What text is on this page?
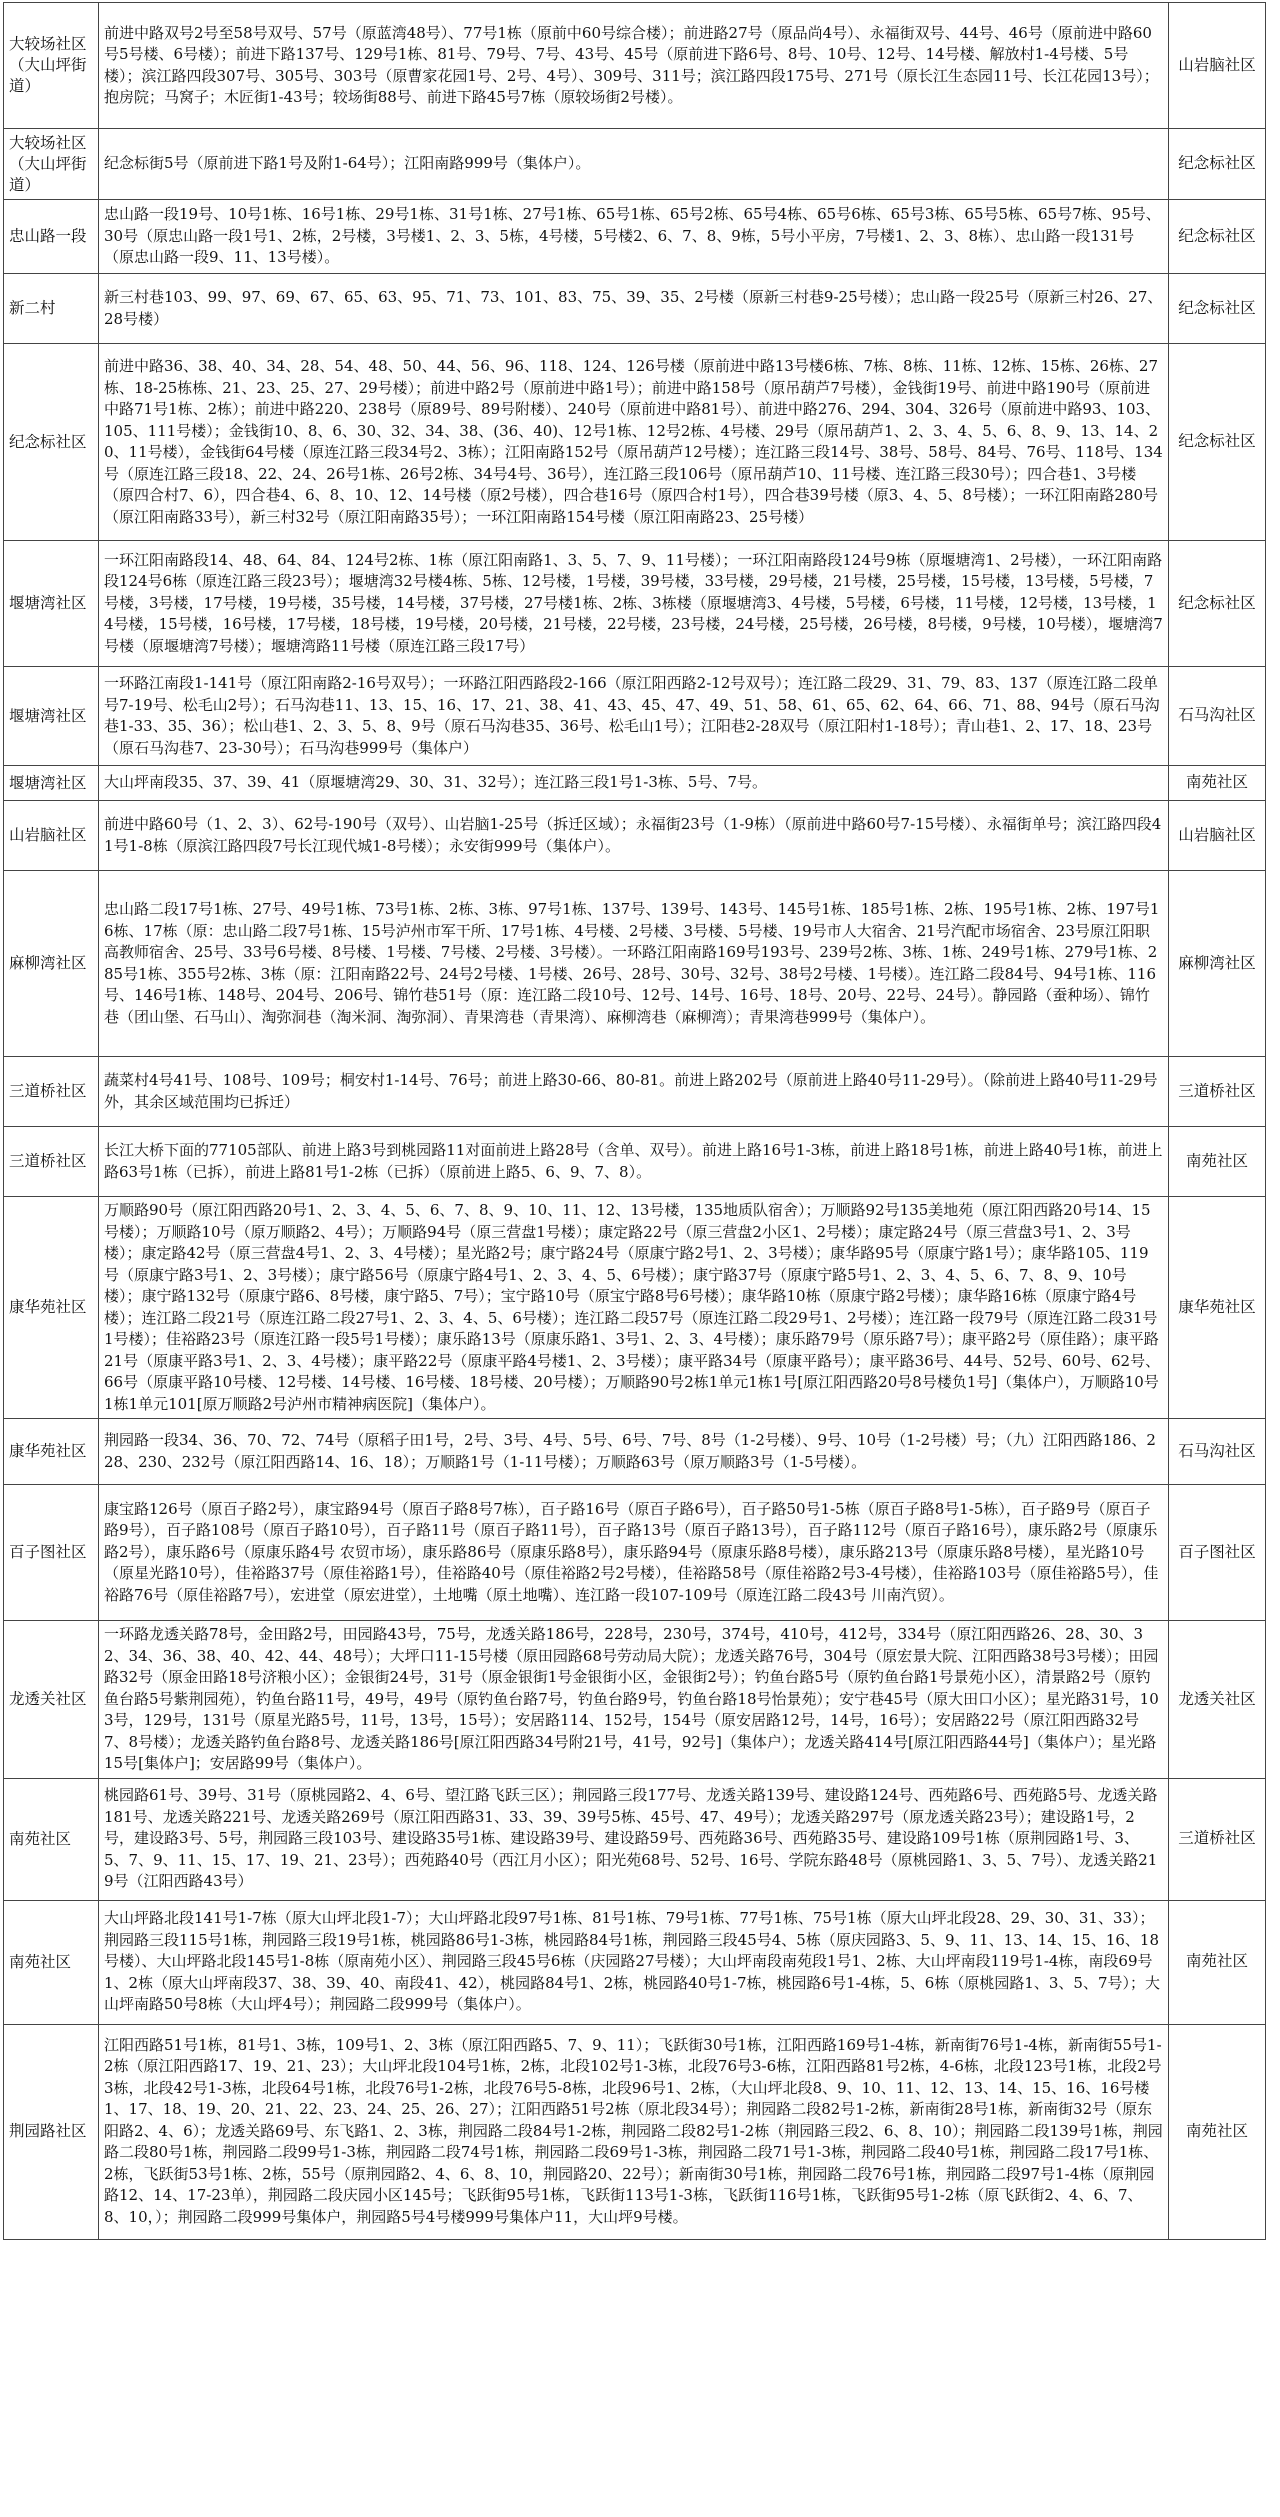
大较场社区（大山坪街道）	前进中路双号2号至58号双号、57号（原蓝湾48号）、77号1栋（原前中60号综合楼）；前进路27号（原品尚4号）、永福街双号、44号、46号（原前进中路60号5号楼、6号楼）；前进下路137号、129号1栋、81号、79号、7号、43号、45号（原前进下路6号、8号、10号、12号、14号楼、解放村1-4号楼、5号楼）；滨江路四段307号、305号、303号（原曹家花园1号、2号、4号）、309号、311号；滨江路四段175号、271号（原长江生态园11号、长江花园13号）；抱房院；马窝子；木匠街1-43号；较场街88号、前进下路45号7栋（原较场街2号楼）。	山岩脑社区
大较场社区（大山坪街道）	纪念标街5号（原前进下路1号及附1-64号）；江阳南路999号（集体户）。	纪念标社区
忠山路一段	忠山路一段19号、10号1栋、16号1栋、29号1栋、31号1栋、27号1栋、65号1栋、65号2栋、65号4栋、65号6栋、65号3栋、65号5栋、65号7栋、95号、30号（原忠山路一段1号1、2栋，2号楼，3号楼1、2、3、5栋，4号楼，5号楼2、6、7、8、9栋，5号小平房，7号楼1、2、3、8栋）、忠山路一段131号（原忠山路一段9、11、13号楼）。	纪念标社区
新二村	新三村巷103、99、97、69、67、65、63、95、71、73、101、83、75、39、35、2号楼（原新三村巷9-25号楼）；忠山路一段25号（原新三村26、27、28号楼）	纪念标社区
纪念标社区	前进中路36、38、40、34、28、54、48、50、44、56、96、118、124、126号楼（原前进中路13号楼6栋、7栋、8栋、11栋、12栋、15栋、26栋、27栋、18-25栋栋、21、23、25、27、29号楼）；前进中路2号（原前进中路1号）；前进中路158号（原吊葫芦7号楼），金钱街19号、前进中路190号（原前进中路71号1栋、2栋）；前进中路220、238号（原89号、89号附楼）、240号（原前进中路81号）、前进中路276、294、304、326号（原前进中路93、103、105、111号楼）；金钱街10、8、6、30、32、34、38、(36、40)、12号1栋、12号2栋、4号楼、29号（原吊葫芦1、2、3、4、5、6、8、9、13、14、20、11号楼），金钱街64号楼（原连江路三段34号2、3栋）；江阳南路152号（原吊葫芦12号楼）；连江路三段14号、38号、58号、84号、76号、118号、134号（原连江路三段18、22、24、26号1栋、26号2栋、34号4号、36号），连江路三段106号（原吊葫芦10、11号楼、连江路三段30号）；四合巷1、3号楼（原四合村7、6），四合巷4、6、8、10、12、14号楼（原2号楼），四合巷16号（原四合村1号），四合巷39号楼（原3、4、5、8号楼）；一环江阳南路280号（原江阳南路33号），新三村32号（原江阳南路35号）；一环江阳南路154号楼（原江阳南路23、25号楼）	纪念标社区
堰塘湾社区	一环江阳南路段14、48、64、84、124号2栋、1栋（原江阳南路1、3、5、7、9、11号楼）；一环江阳南路段124号9栋（原堰塘湾1、2号楼），一环江阳南路段124号6栋（原连江路三段23号）；堰塘湾32号楼4栋、5栋、12号楼，1号楼，39号楼，33号楼，29号楼，21号楼，25号楼，15号楼，13号楼，5号楼，7号楼，3号楼，17号楼，19号楼，35号楼，14号楼，37号楼，27号楼1栋、2栋、3栋楼（原堰塘湾3、4号楼，5号楼，6号楼，11号楼，12号楼，13号楼，14号楼，15号楼，16号楼，17号楼，18号楼，19号楼，20号楼，21号楼，22号楼，23号楼，24号楼，25号楼，26号楼，8号楼，9号楼，10号楼），堰塘湾7号楼（原堰塘湾7号楼）；堰塘湾路11号楼（原连江路三段17号）	纪念标社区
堰塘湾社区	一环路江南段1-141号（原江阳南路2-16号双号）；一环路江阳西路段2-166（原江阳西路2-12号双号）；连江路二段29、31、79、83、137（原连江路二段单号7-19号、松毛山2号）；石马沟巷11、13、15、16、17、21、38、41、43、45、47、49、51、58、61、65、62、64、66、71、88、94号（原石马沟巷1-33、35、36）；松山巷1、2、3、5、8、9号（原石马沟巷35、36号、松毛山1号）；江阳巷2-28双号（原江阳村1-18号）；青山巷1、2、17、18、23号（原石马沟巷7、23-30号）；石马沟巷999号（集体户）	石马沟社区
堰塘湾社区	大山坪南段35、37、39、41（原堰塘湾29、30、31、32号）；连江路三段1号1-3栋、5号、7号。	南苑社区
山岩脑社区	前进中路60号（1、2、3）、62号-190号（双号）、山岩脑1-25号（拆迁区域）；永福街23号（1-9栋）（原前进中路60号7-15号楼）、永福街单号；滨江路四段41号1-8栋（原滨江路四段7号长江现代城1-8号楼）；永安街999号（集体户）。	山岩脑社区
麻柳湾社区	忠山路二段17号1栋、27号、49号1栋、73号1栋、2栋、3栋、97号1栋、137号、139号、143号、145号1栋、185号1栋、2栋、195号1栋、2栋、197号16栋、17栋（原：忠山路二段7号1栋、15号泸州市军干所、17号1栋、4号楼、2号楼、3号楼、5号楼、19号市人大宿舍、21号汽配市场宿舍、23号原江阳职高教师宿舍、25号、33号6号楼、8号楼、1号楼、7号楼、2号楼、3号楼）。一环路江阳南路169号193号、239号2栋、3栋、1栋、249号1栋、279号1栋、285号1栋、355号2栋、3栋（原：江阳南路22号、24号2号楼、1号楼、26号、28号、30号、32号、38号2号楼、1号楼）。连江路二段84号、94号1栋、116号、146号1栋、148号、204号、206号、锦竹巷51号（原：连江路二段10号、12号、14号、16号、18号、20号、22号、24号）。静园路（蚕种场）、锦竹巷（团山堡、石马山）、淘弥洞巷（淘米洞、淘弥洞）、青果湾巷（青果湾）、麻柳湾巷（麻柳湾）；青果湾巷999号（集体户）。	麻柳湾社区
三道桥社区	蔬菜村4号41号、108号、109号；桐安村1-14号、76号；前进上路30-66、80-81。前进上路202号（原前进上路40号11-29号）。（除前进上路40号11-29号外，其余区域范围均已拆迁）	三道桥社区
三道桥社区	长江大桥下面的77105部队、前进上路3号到桃园路11对面前进上路28号（含单、双号）。前进上路16号1-3栋，前进上路18号1栋，前进上路40号1栋，前进上路63号1栋（已拆），前进上路81号1-2栋（已拆）（原前进上路5、6、9、7、8）。	南苑社区
康华苑社区	万顺路90号（原江阳西路20号1、2、3、4、5、6、7、8、9、10、11、12、13号楼，135地质队宿舍）；万顺路92号135美地苑（原江阳西路20号14、15号楼）；万顺路10号（原万顺路2、4号）；万顺路94号（原三营盘1号楼）；康定路22号（原三营盘2小区1、2号楼）；康定路24号（原三营盘3号1、2、3号楼）；康定路42号（原三营盘4号1、2、3、4号楼）；星光路2号；康宁路24号（原康宁路2号1、2、3号楼）；康华路95号（原康宁路1号）；康华路105、119号（原康宁路3号1、2、3号楼）；康宁路56号（原康宁路4号1、2、3、4、5、6号楼）；康宁路37号（原康宁路5号1、2、3、4、5、6、7、8、9、10号楼）；康宁路132号（原康宁路6、8号楼，康宁路5、7号）；宝宁路10号（原宝宁路8号6号楼）；康华路10栋（原康宁路2号楼）；康华路16栋（原康宁路4号楼）；连江路二段21号（原连江路二段27号1、2、3、4、5、6号楼）；连江路二段57号（原连江路二段29号1、2号楼）；连江路一段79号（原连江路二段31号1号楼）；佳裕路23号（原连江路一段5号1号楼）；康乐路13号（原康乐路1、3号1、2、3、4号楼）；康乐路79号（原乐路7号）；康平路2号（原佳路）；康平路21号（原康平路3号1、2、3、4号楼）；康平路22号（原康平路4号楼1、2、3号楼）；康平路34号（原康平路号）；康平路36号、44号、52号、60号、62号、66号（原康平路10号楼、12号楼、14号楼、16号楼、18号楼、20号楼）；万顺路90号2栋1单元1栋1号[原江阳西路20号8号楼负1号]（集体户），万顺路10号1栋1单元101[原万顺路2号泸州市精神病医院]（集体户）。	康华苑社区
康华苑社区	荆园路一段34、36、70、72、74号（原稻子田1号，2号、3号、4号、5号、6号、7号、8号（1-2号楼）、9号、10号（1-2号楼）号；（九）江阳西路186、228、230、232号（原江阳西路14、16、18）；万顺路1号（1-11号楼）；万顺路63号（原万顺路3号（1-5号楼）。	石马沟社区
百子图社区	康宝路126号（原百子路2号），康宝路94号（原百子路8号7栋），百子路16号（原百子路6号），百子路50号1-5栋（原百子路8号1-5栋），百子路9号（原百子路9号），百子路108号（原百子路10号），百子路11号（原百子路11号），百子路13号（原百子路13号），百子路112号（原百子路16号），康乐路2号（原康乐路2号），康乐路6号（原康乐路4号 农贸市场），康乐路86号（原康乐路8号），康乐路94号（原康乐路8号楼），康乐路213号（原康乐路8号楼），星光路10号（原星光路10号），佳裕路37号（原佳裕路1号），佳裕路40号（原佳裕路2号2号楼），佳裕路58号（原佳裕路2号3-4号楼），佳裕路103号（原佳裕路5号），佳裕路76号（原佳裕路7号），宏进堂（原宏进堂），土地嘴（原土地嘴）、连江路一段107-109号（原连江路二段43号 川南汽贸）。	百子图社区
龙透关社区	一环路龙透关路78号，金田路2号，田园路43号，75号，龙透关路186号，228号，230号，374号，410号，412号，334号（原江阳西路26、28、30、32、34、36、38、40、42、44、48号）；大坪口11-15号楼（原田园路68号劳动局大院）；龙透关路76号，304号（原宏景大院、江阳西路38号3号楼）；田园路32号（原金田路18号济粮小区）；金银街24号，31号（原金银街1号金银街小区，金银街2号）；钓鱼台路5号（原钓鱼台路1号景苑小区），清景路2号（原钓鱼台路5号紫荆园苑），钓鱼台路11号，49号，49号（原钓鱼台路7号，钓鱼台路9号，钓鱼台路18号怡景苑）；安宁巷45号（原大田口小区）；星光路31号，103号，129号，131号（原星光路5号，11号，13号，15号）；安居路114、152号，154号（原安居路12号，14号，16号）；安居路22号（原江阳西路32号7、8号楼）；龙透关路钓鱼台路8号、龙透关路186号[原江阳西路34号附21号，41号，92号]（集体户）；龙透关路414号[原江阳西路44号]（集体户）；星光路15号[集体户]；安居路99号（集体户）。	龙透关社区
南苑社区	桃园路61号、39号、31号（原桃园路2、4、6号、望江路飞跃三区）；荆园路三段177号、龙透关路139号、建设路124号、西苑路6号、西苑路5号、龙透关路181号、龙透关路221号、龙透关路269号（原江阳西路31、33、39、39号5栋、45号、47、49号）；龙透关路297号（原龙透关路23号）；建设路1号，2号，建设路3号、5号，荆园路三段103号、建设路35号1栋、建设路39号、建设路59号、西苑路36号、西苑路35号、建设路109号1栋（原荆园路1号、3、5、7、9、11、15、17、19、21、23号）；西苑路40号（西江月小区）；阳光苑68号、52号、16号、学院东路48号（原桃园路1、3、5、7号）、龙透关路219号（江阳西路43号）	三道桥社区
南苑社区	大山坪路北段141号1-7栋（原大山坪北段1-7）；大山坪路北段97号1栋、81号1栋、79号1栋、77号1栋、75号1栋（原大山坪北段28、29、30、31、33）；荆园路三段115号1栋，荆园路三段19号1栋，桃园路86号1-3栋，桃园路84号1栋，荆园路三段45号4、5栋（原庆园路3、5、9、11、13、14、15、16、18号楼）、大山坪路北段145号1-8栋（原南苑小区）、荆园路三段45号6栋（庆园路27号楼）；大山坪南段南苑段1号1、2栋、大山坪南段119号1-4栋，南段69号1、2栋（原大山坪南段37、38、39、40、南段41、42），桃园路84号1、2栋，桃园路40号1-7栋，桃园路6号1-4栋，5、6栋（原桃园路1、3、5、7号）；大山坪南路50号8栋（大山坪4号）；荆园路二段999号（集体户）。	南苑社区
荆园路社区	江阳西路51号1栋，81号1、3栋，109号1、2、3栋（原江阳西路5、7、9、11）；飞跃街30号1栋，江阳西路169号1-4栋，新南街76号1-4栋，新南街55号1-2栋（原江阳西路17、19、21、23）；大山坪北段104号1栋，2栋，北段102号1-3栋，北段76号3-6栋，江阳西路81号2栋，4-6栋，北段123号1栋，北段2号3栋，北段42号1-3栋，北段64号1栋，北段76号1-2栋，北段76号5-8栋，北段96号1、2栋，（大山坪北段8、9、10、11、12、13、14、15、16、16号楼1、17、18、19、20、21、22、23、24、25、26、27）；江阳西路51号2栋（原北段34号）；荆园路二段82号1-2栋，新南街28号1栋，新南街32号（原东阳路2、4、6）；龙透关路69号、东飞路1、2、3栋，荆园路二段84号1-2栋，荆园路二段82号1-2栋（荆园路三段2、6、8、10）；荆园路二段139号1栋，荆园路二段80号1栋，荆园路二段99号1-3栋，荆园路二段74号1栋，荆园路二段69号1-3栋，荆园路二段71号1-3栋，荆园路二段40号1栋，荆园路二段17号1栋、2栋，飞跃街53号1栋、2栋，55号（原荆园路2、4、6、8、10，荆园路20、22号）；新南街30号1栋，荆园路二段76号1栋，荆园路二段97号1-4栋（原荆园路12、14、17-23单），荆园路二段庆园小区145号；飞跃街95号1栋，飞跃街113号1-3栋，飞跃街116号1栋，飞跃街95号1-2栋（原飞跃街2、4、6、7、8、10，）；荆园路二段999号集体户，荆园路5号4号楼999号集体户11，大山坪9号楼。	南苑社区
